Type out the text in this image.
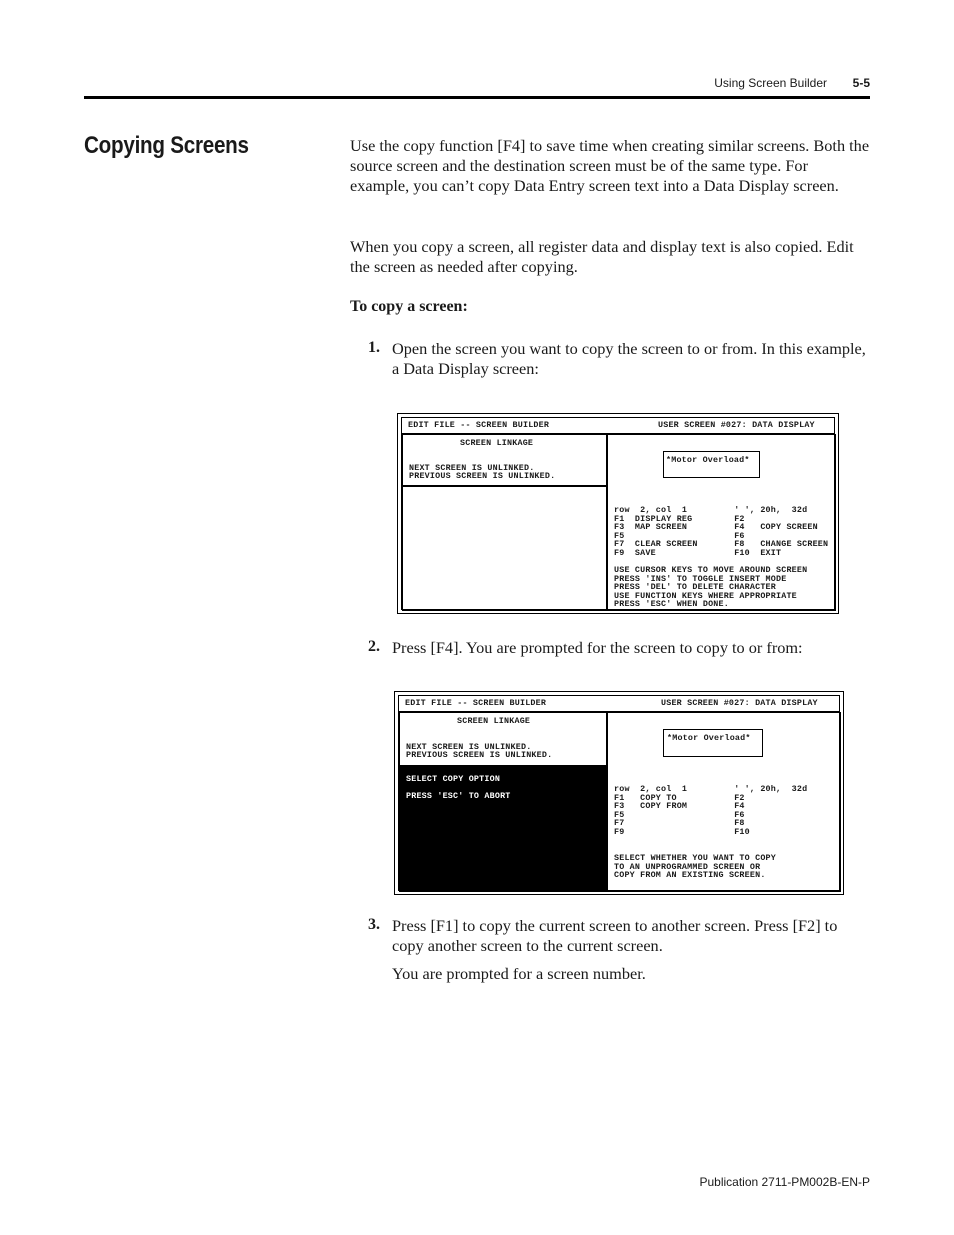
Using Screen Builder 5-5
Copying Screens	Use the copy function [F4] to save time when creating similar screens. Both the source screen and the destination screen must be of the same type. For example, you can’t copy Data Entry screen text into a Data Display screen.

When you copy a screen, all register data and display text is also copied. Edit the screen as needed after copying.

To copy a screen:
1. Open the screen you want to copy the screen to or from. In this example, a Data Display screen:

EDIT FILE -- SCREEN BUILDER	USER SCREEN #027: DATA DISPLAY
SCREEN LINKAGE
NEXT SCREEN IS UNLINKED.
PREVIOUS SCREEN IS UNLINKED.
*Motor Overload*
row  2, col  1         ' ', 20h,  32d
F1  DISPLAY REG        F2
F3  MAP SCREEN         F4   COPY SCREEN
F5                     F6
F7  CLEAR SCREEN       F8   CHANGE SCREEN
F9  SAVE               F10  EXIT
USE CURSOR KEYS TO MOVE AROUND SCREEN
PRESS 'INS' TO TOGGLE INSERT MODE
PRESS 'DEL' TO DELETE CHARACTER
USE FUNCTION KEYS WHERE APPROPRIATE
PRESS 'ESC' WHEN DONE.
2. Press [F4]. You are prompted for the screen to copy to or from:

EDIT FILE -- SCREEN BUILDER	USER SCREEN #027: DATA DISPLAY
SCREEN LINKAGE
NEXT SCREEN IS UNLINKED.
PREVIOUS SCREEN IS UNLINKED.
SELECT COPY OPTION
PRESS 'ESC' TO ABORT
*Motor Overload*
row  2, col  1         ' ', 20h,  32d
F1   COPY TO           F2
F3   COPY FROM         F4
F5                     F6
F7                     F8
F9                     F10
SELECT WHETHER YOU WANT TO COPY
TO AN UNPROGRAMMED SCREEN OR
COPY FROM AN EXISTING SCREEN.
3. Press [F1] to copy the current screen to another screen. Press [F2] to copy another screen to the current screen.

You are prompted for a screen number.
Publication 2711-PM002B-EN-P
